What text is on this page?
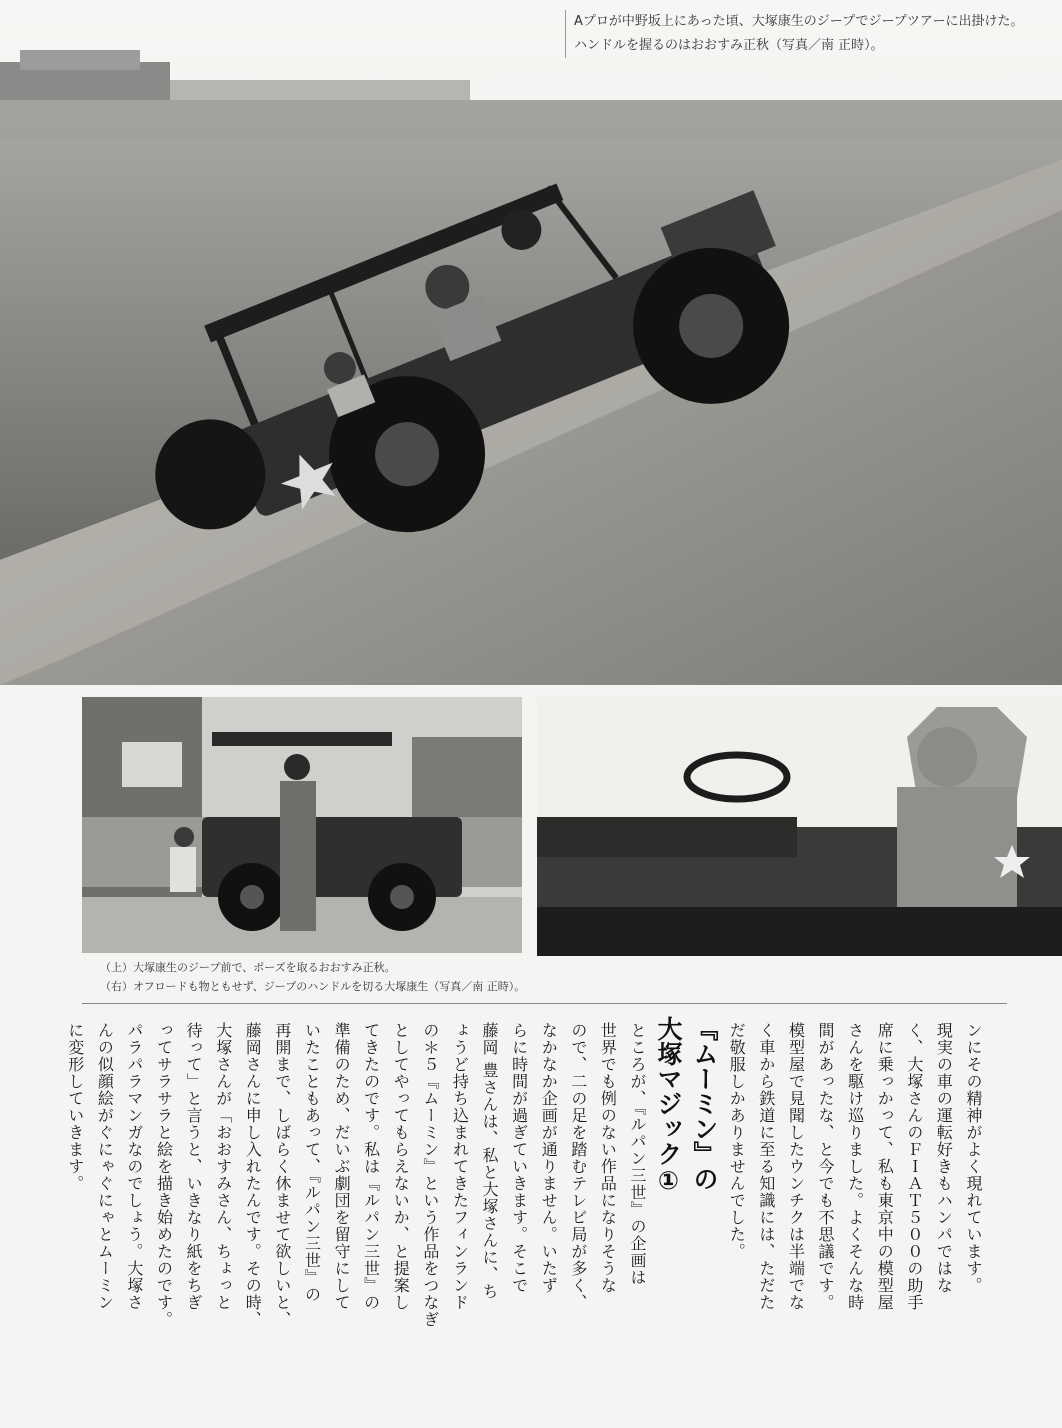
Aプロが中野坂上にあった頃、大塚康生のジープでジープツアーに出掛けた。
ハンドルを握るのはおおすみ正秋（写真／南 正時）。
（上）大塚康生のジープ前で、ポーズを取るおおすみ正秋。
（右）オフロードも物ともせず、ジープのハンドルを切る大塚康生（写真／南 正時）。

ンにその精神がよく現れています。

現実の車の運転好きもハンパではな

く、大塚さんのＦＩＡＴ５００の助手

席に乗っかって、私も東京中の模型屋

さんを駆け巡りました。よくそんな時

間があったな、と今でも不思議です。

模型屋で見聞したウンチクは半端でな

く車から鉄道に至る知識には、ただた

だ敬服しかありませんでした。

『ムーミン』の

大塚マジック①

ところが、『ルパン三世』の企画は

世界でも例のない作品になりそうな

ので、二の足を踏むテレビ局が多く、

なかなか企画が通りません。いたず

らに時間が過ぎていきます。そこで

藤岡 豊さんは、私と大塚さんに、ち

ょうど持ち込まれてきたフィンランド

の＊５『ムーミン』という作品をつなぎ

としてやってもらえないか、と提案し

てきたのです。私は『ルパン三世』の

準備のため、だいぶ劇団を留守にして

いたこともあって、『ルパン三世』の

再開まで、しばらく休ませて欲しいと、

藤岡さんに申し入れたんです。その時、

大塚さんが「おおすみさん、ちょっと

待って」と言うと、いきなり紙をちぎ

ってサラサラと絵を描き始めたのです。

パラパラマンガなのでしょう。大塚さ

んの似顔絵がぐにゃぐにゃとムーミン

に変形していきます。
